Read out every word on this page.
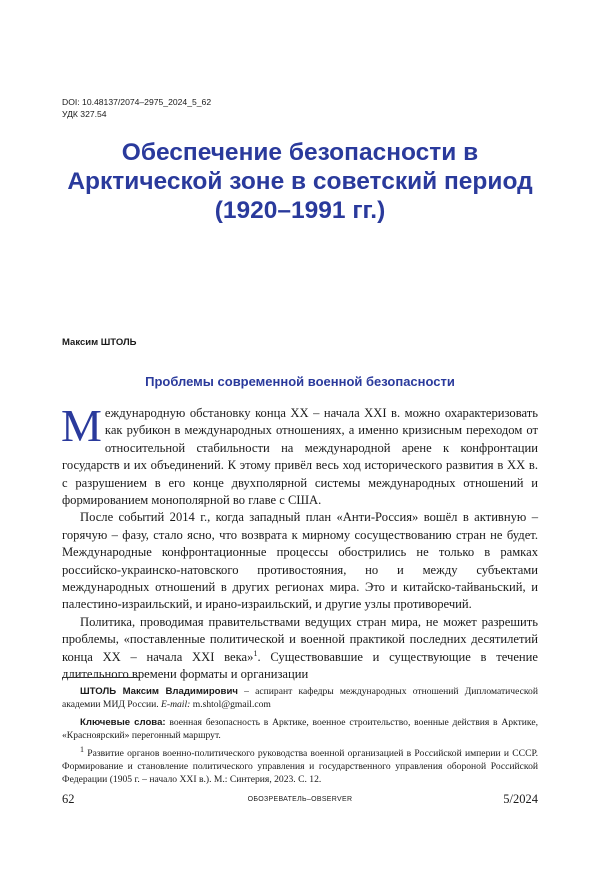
DOI: 10.48137/2074–2975_2024_5_62
УДК 327.54
Обеспечение безопасности в Арктической зоне в советский период (1920–1991 гг.)
Максим ШТОЛЬ
Проблемы современной военной безопасности

Международную обстановку конца ХХ – начала XXI в. можно охарактеризовать как рубикон в международных отношениях, а именно кризисным переходом от относительной стабильности на международной арене к конфронтации государств и их объединений. К этому привёл весь ход исторического развития в ХХ в. с разрушением в его конце двухполярной системы международных отношений и формированием монополярной во главе с США.

После событий 2014 г., когда западный план «Анти-Россия» вошёл в активную – горячую – фазу, стало ясно, что возврата к мирному сосуществованию стран не будет. Международные конфронтационные процессы обострились не только в рамках российско-украинско-натовского противостояния, но и между субъектами международных отношений в других регионах мира. Это и китайско-тайваньский, и палестино-израильский, и ирано-израильский, и другие узлы противоречий.

Политика, проводимая правительствами ведущих стран мира, не может разрешить проблемы, «поставленные политической и военной практикой последних десятилетий конца XX – начала XXI века»$^1$. Существовавшие и существующие в течение длительного времени форматы и организации

ШТОЛЬ Максим Владимирович – аспирант кафедры международных отношений Дипломатической академии МИД России. E-mail: m.shtol@gmail.com

Ключевые слова: военная безопасность в Арктике, военное строительство, военные действия в Арктике, «Красноярский» перегонный маршрут.

$^1$ Развитие органов военно-политического руководства военной организацией в Российской империи и СССР. Формирование и становление политического управления и государственного управления обороной Российской Федерации (1905 г. – начало XXI в.). М.: Синтерия, 2023. С. 12.

62	ОБОЗРЕВАТЕЛЬ–OBSERVER	5/2024
